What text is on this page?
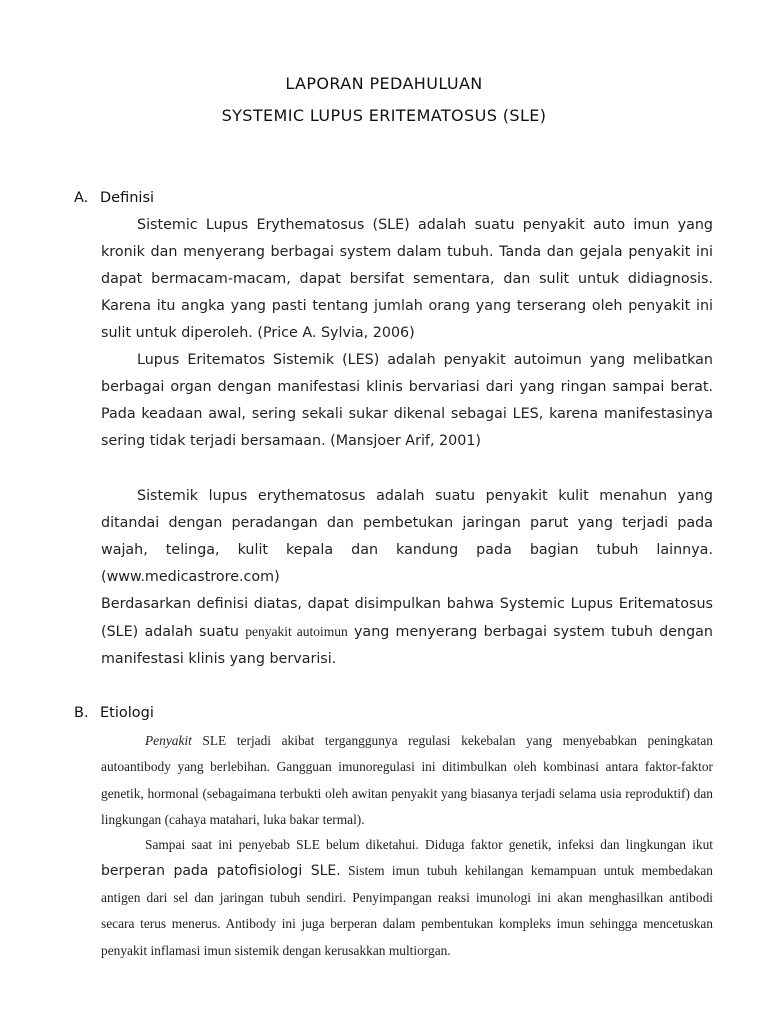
LAPORAN PEDAHULUAN
SYSTEMIC LUPUS ERITEMATOSUS (SLE)
A. Definisi

Sistemic Lupus Erythematosus (SLE) adalah suatu penyakit auto imun yang kronik dan menyerang berbagai system dalam tubuh. Tanda dan gejala penyakit ini dapat bermacam-macam, dapat bersifat sementara, dan sulit untuk didiagnosis. Karena itu angka yang pasti tentang jumlah orang yang terserang oleh penyakit ini sulit untuk diperoleh. (Price A. Sylvia, 2006)

Lupus Eritematos Sistemik (LES) adalah penyakit autoimun yang melibatkan berbagai organ dengan manifestasi klinis bervariasi dari yang ringan sampai berat. Pada keadaan awal, sering sekali sukar dikenal sebagai LES, karena manifestasinya sering tidak terjadi bersamaan. (Mansjoer Arif, 2001)

Sistemik lupus erythematosus adalah suatu penyakit kulit menahun yang ditandai dengan peradangan dan pembetukan jaringan parut yang terjadi pada wajah, telinga, kulit kepala dan kandung pada bagian tubuh lainnya. (www.medicastrore.com)

Berdasarkan definisi diatas, dapat disimpulkan bahwa Systemic Lupus Eritematosus (SLE) adalah suatu penyakit autoimun yang menyerang berbagai system tubuh dengan manifestasi klinis yang bervarisi.

B. Etiologi

Penyakit SLE terjadi akibat terganggunya regulasi kekebalan yang menyebabkan peningkatan autoantibody yang berlebihan. Gangguan imunoregulasi ini ditimbulkan oleh kombinasi antara faktor-faktor genetik, hormonal (sebagaimana terbukti oleh awitan penyakit yang biasanya terjadi selama usia reproduktif) dan lingkungan (cahaya matahari, luka bakar termal).

Sampai saat ini penyebab SLE belum diketahui. Diduga faktor genetik, infeksi dan lingkungan ikut berperan pada patofisiologi SLE. Sistem imun tubuh kehilangan kemampuan untuk membedakan antigen dari sel dan jaringan tubuh sendiri. Penyimpangan reaksi imunologi ini akan menghasilkan antibodi secara terus menerus. Antibody ini juga berperan dalam pembentukan kompleks imun sehingga mencetuskan penyakit inflamasi imun sistemik dengan kerusakkan multiorgan.
